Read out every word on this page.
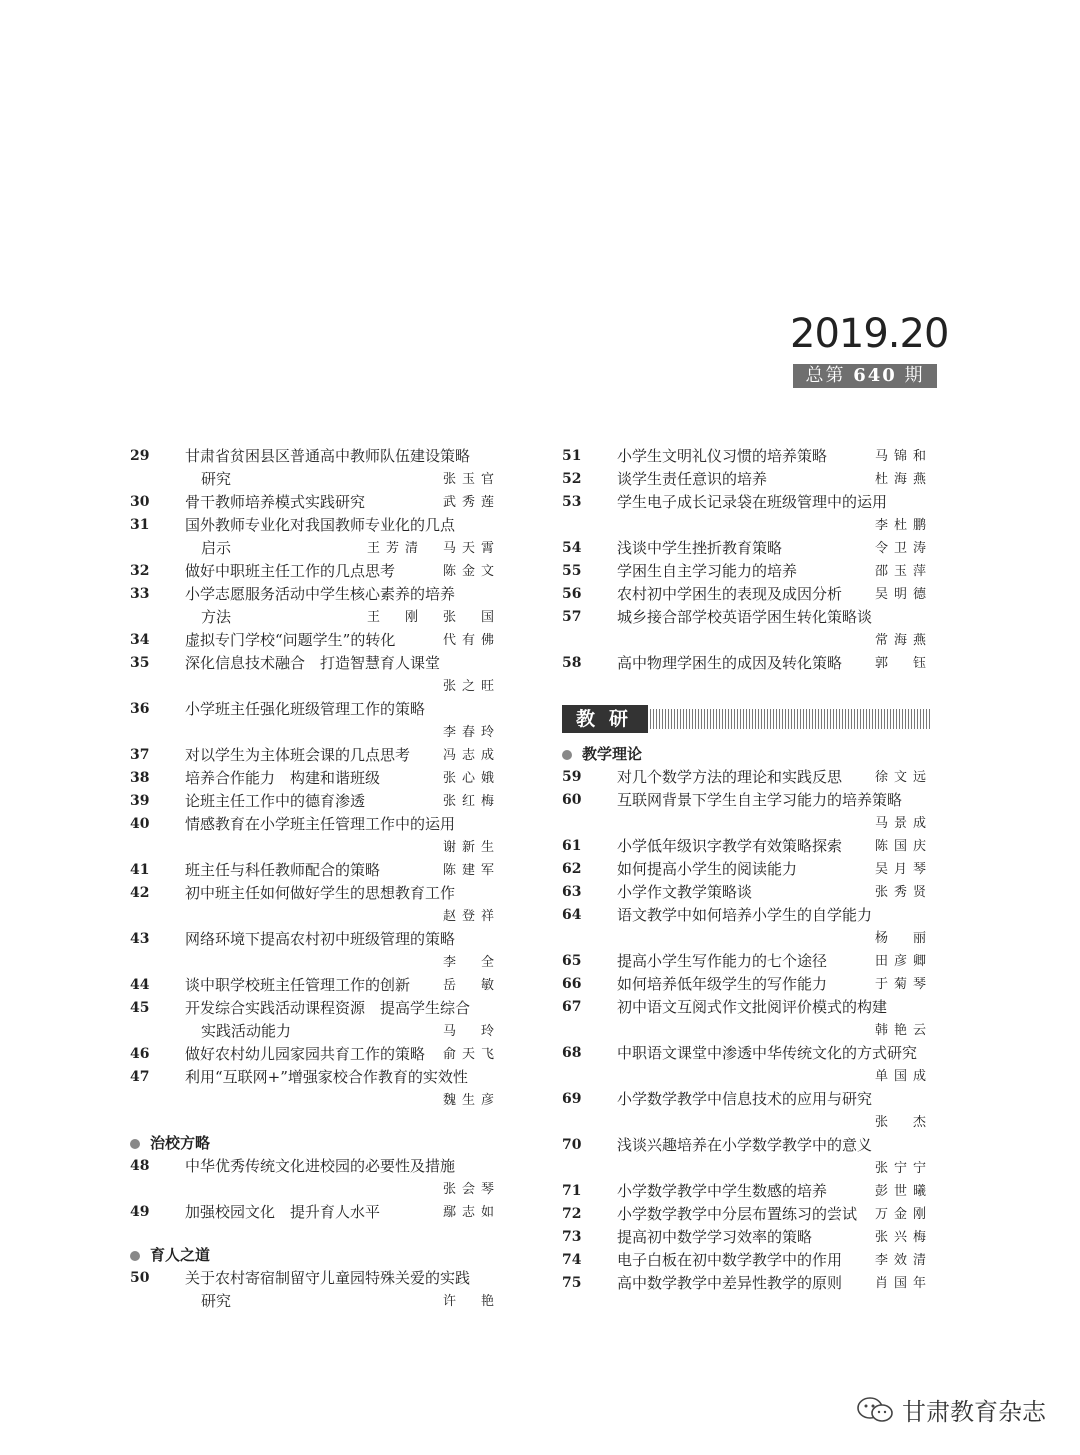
2019.20
总第 640 期
29	甘肃省贫困县区普通高中教师队伍建设策略
研究	张玉官
30	骨干教师培养模式实践研究	武秀莲
31	国外教师专业化对我国教师专业化的几点
启示	王芳清　马天霄
32	做好中职班主任工作的几点思考	陈金文
33	小学志愿服务活动中学生核心素养的培养
方法	王　刚　张　国
34	虚拟专门学校“问题学生”的转化	代有佛
35	深化信息技术融合　打造智慧育人课堂
张之旺
36	小学班主任强化班级管理工作的策略
李春玲
37	对以学生为主体班会课的几点思考	冯志成
38	培养合作能力　构建和谐班级	张心娥
39	论班主任工作中的德育渗透	张红梅
40	情感教育在小学班主任管理工作中的运用
谢新生
41	班主任与科任教师配合的策略	陈建军
42	初中班主任如何做好学生的思想教育工作
赵登祥
43	网络环境下提高农村初中班级管理的策略
李　全
44	谈中职学校班主任管理工作的创新	岳　敏
45	开发综合实践活动课程资源　提高学生综合
实践活动能力	马　玲
46	做好农村幼儿园家园共育工作的策略 俞天飞
47	利用“互联网+”增强家校合作教育的实效性
魏生彦
治校方略
48	中华优秀传统文化进校园的必要性及措施
张会琴
49	加强校园文化　提升育人水平	鄢志如
育人之道
50	关于农村寄宿制留守儿童园特殊关爱的实践
研究	许　艳
51	小学生文明礼仪习惯的培养策略	马锦和
52	谈学生责任意识的培养	杜海燕
53	学生电子成长记录袋在班级管理中的运用
李杜鹏
54	浅谈中学生挫折教育策略	令卫涛
55	学困生自主学习能力的培养	邵玉萍
56	农村初中学困生的表现及成因分析	吴明德
57	城乡接合部学校英语学困生转化策略谈
常海燕
58	高中物理学困生的成因及转化策略	郭　钰
教研
教学理论
59	对几个数学方法的理论和实践反思	徐文远
60	互联网背景下学生自主学习能力的培养策略
马景成
61	小学低年级识字教学有效策略探索	陈国庆
62	如何提高小学生的阅读能力	吴月琴
63	小学作文教学策略谈	张秀贤
64	语文教学中如何培养小学生的自学能力
杨　丽
65	提高小学生写作能力的七个途径	田彦卿
66	如何培养低年级学生的写作能力	于菊琴
67	初中语文互阅式作文批阅评价模式的构建
韩艳云
68	中职语文课堂中渗透中华传统文化的方式研究
单国成
69	小学数学教学中信息技术的应用与研究
张　杰
70	浅谈兴趣培养在小学数学教学中的意义
张宁宁
71	小学数学教学中学生数感的培养	彭世曦
72	小学数学教学中分层布置练习的尝试 万金刚
73	提高初中数学学习效率的策略	张兴梅
74	电子白板在初中数学教学中的作用	李效清
75	高中数学教学中差异性教学的原则	肖国年
甘肃教育杂志
